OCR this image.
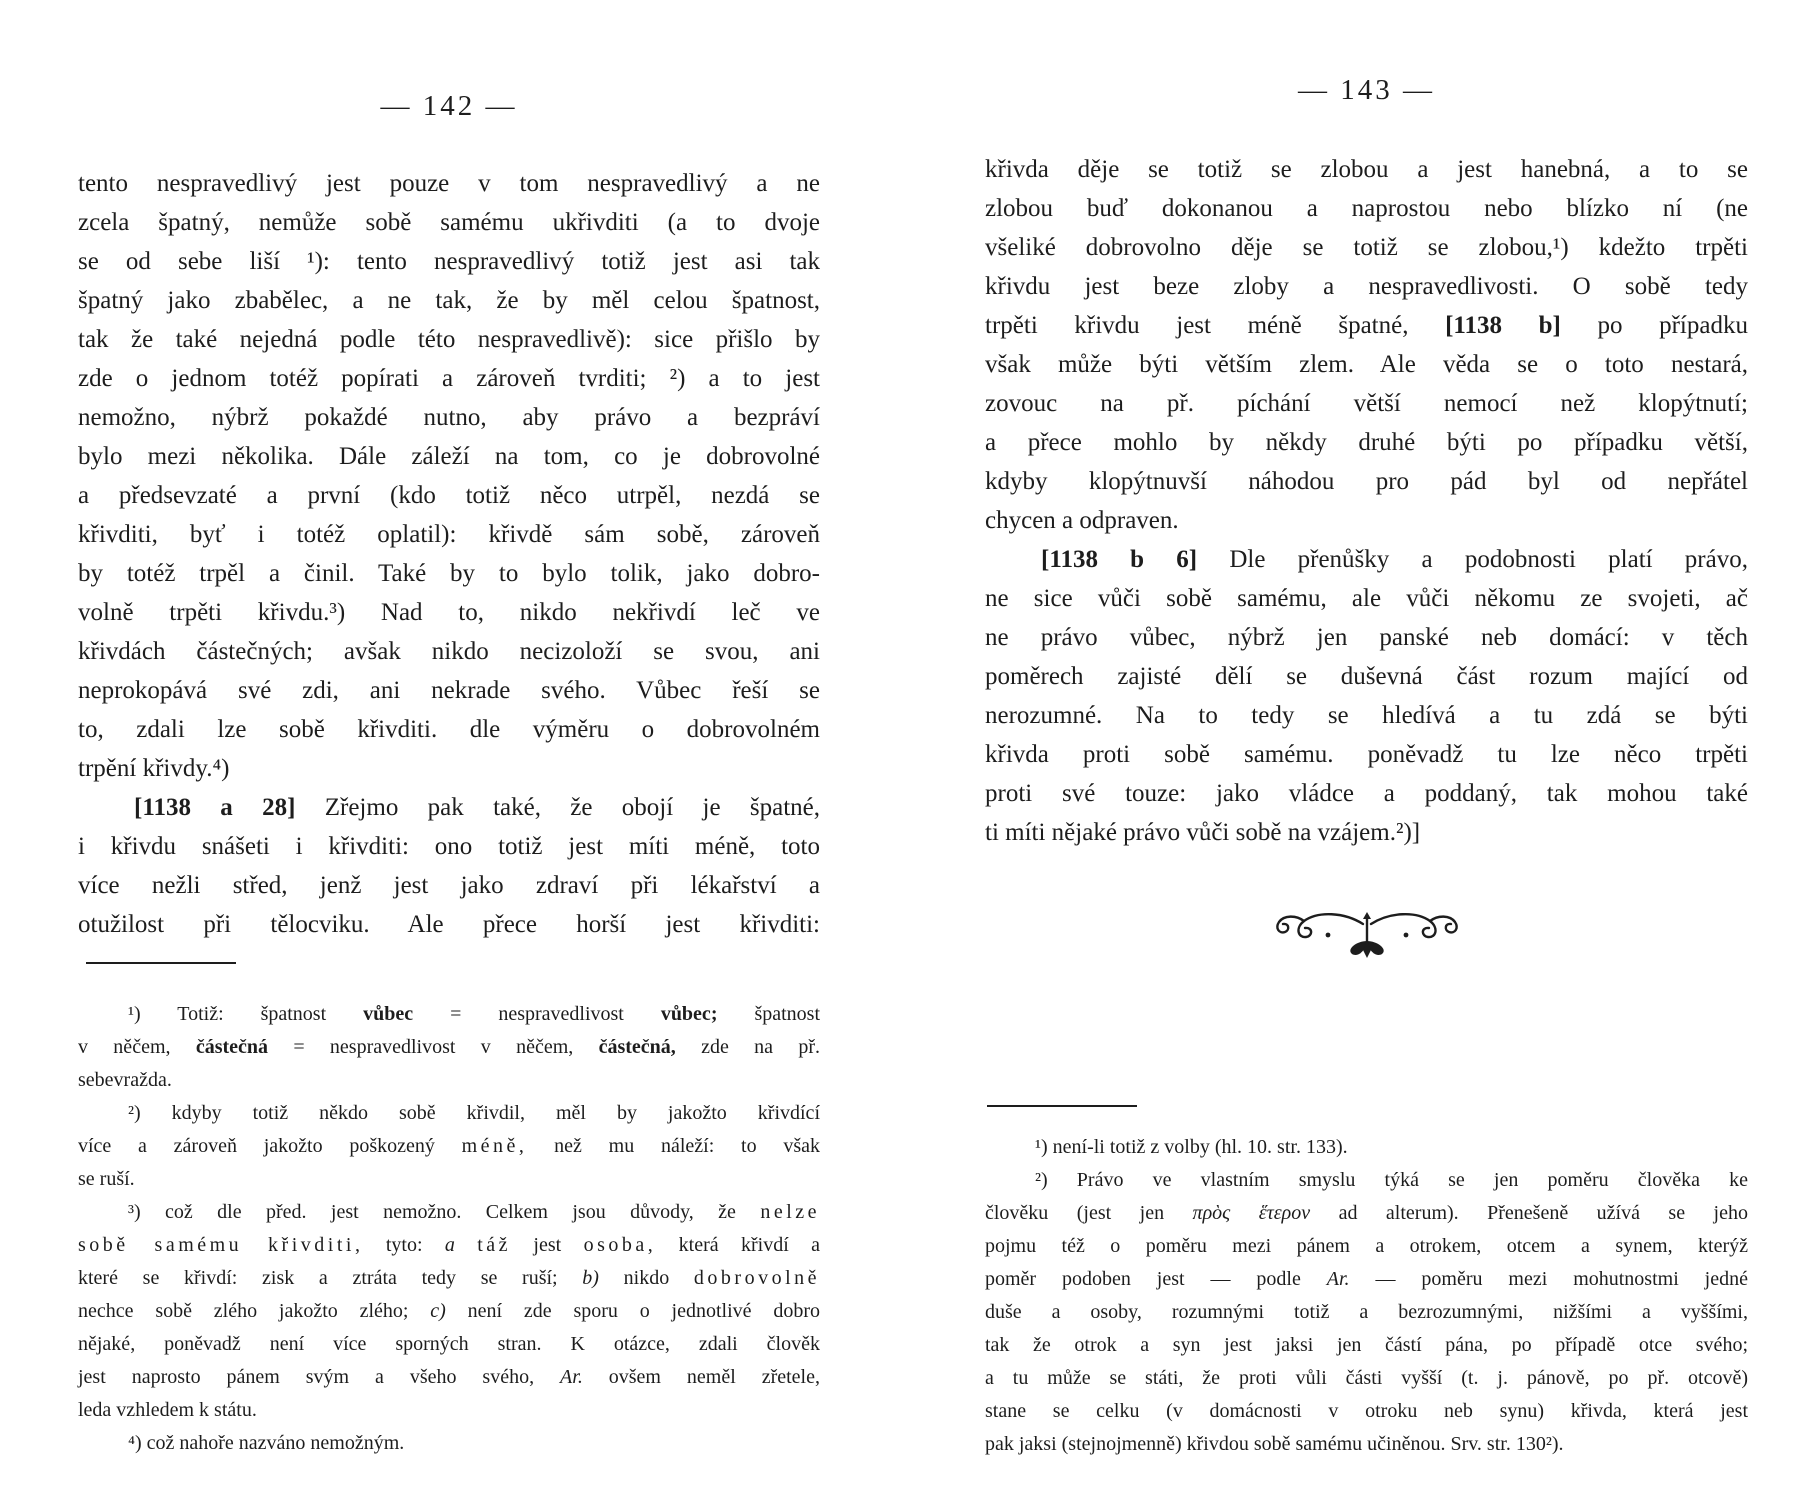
— 142 —
tento nespravedlivý jest pouze v tom nespravedlivý a ne
zcela špatný, nemůže sobě samému ukřivditi (a to dvoje
se od sebe liší ¹): tento nespravedlivý totiž jest asi tak
špatný jako zbabělec, a ne tak, že by měl celou špatnost,
tak že také nejedná podle této nespravedlivě): sice přišlo by
zde o jednom totéž popírati a zároveň tvrditi; ²) a to jest
nemožno, nýbrž pokaždé nutno, aby právo a bezpráví
bylo mezi několika. Dále záleží na tom, co je dobrovolné
a předsevzaté a první (kdo totiž něco utrpěl, nezdá se
křivditi, byť i totéž oplatil): křivdě sám sobě, zároveň
by totéž trpěl a činil. Také by to bylo tolik, jako dobro-
volně trpěti křivdu.³) Nad to, nikdo nekřivdí leč ve
křivdách částečných; avšak nikdo necizoloží se svou, ani
neprokopává své zdi, ani nekrade svého. Vůbec řeší se
to, zdali lze sobě křivditi. dle výměru o dobrovolném
trpění křivdy.⁴)
[1138 a 28] Zřejmo pak také, že obojí je špatné,
i křivdu snášeti i křivditi: ono totiž jest míti méně, toto
více nežli střed, jenž jest jako zdraví při lékařství a
otužilost při tělocviku. Ale přece horší jest křivditi:
¹) Totiž: špatnost vůbec = nespravedlivost vůbec; špatnost
v něčem, částečná = nespravedlivost v něčem, částečná, zde na př.
sebevražda.
²) kdyby totiž někdo sobě křivdil, měl by jakožto křivdící
více a zároveň jakožto poškozený méně, než mu náleží: to však
se ruší.
³) což dle před. jest nemožno. Celkem jsou důvody, že nelze
sobě samému křivditi, tyto: a táž jest osoba, která křivdí a
které se křivdí: zisk a ztráta tedy se ruší; b) nikdo dobrovolně
nechce sobě zlého jakožto zlého; c) není zde sporu o jednotlivé dobro
nějaké, poněvadž není více sporných stran. K otázce, zdali člověk
jest naprosto pánem svým a všeho svého, Ar. ovšem neměl zřetele,
leda vzhledem k státu.
⁴) což nahoře nazváno nemožným.
— 143 —
křivda děje se totiž se zlobou a jest hanebná, a to se
zlobou buď dokonanou a naprostou nebo blízko ní (ne
všeliké dobrovolno děje se totiž se zlobou,¹) kdežto trpěti
křivdu jest beze zloby a nespravedlivosti. O sobě tedy
trpěti křivdu jest méně špatné, [1138 b] po případku
však může býti větším zlem. Ale věda se o toto nestará,
zovouc na př. píchání větší nemocí než klopýtnutí;
a přece mohlo by někdy druhé býti po případku větší,
kdyby klopýtnuvší náhodou pro pád byl od nepřátel
chycen a odpraven.
[1138 b 6] Dle přenůšky a podobnosti platí právo,
ne sice vůči sobě samému, ale vůči někomu ze svojeti, ač
ne právo vůbec, nýbrž jen panské neb domácí: v těch
poměrech zajisté dělí se duševná část rozum mající od
nerozumné. Na to tedy se hledívá a tu zdá se býti
křivda proti sobě samému. poněvadž tu lze něco trpěti
proti své touze: jako vládce a poddaný, tak mohou také
ti míti nějaké právo vůči sobě na vzájem.²)]
¹) není-li totiž z volby (hl. 10. str. 133).
²) Právo ve vlastním smyslu týká se jen poměru člověka ke
člověku (jest jen πρὸς ἕτερον ad alterum). Přenešeně užívá se jeho
pojmu též o poměru mezi pánem a otrokem, otcem a synem, kterýž
poměr podoben jest — podle Ar. — poměru mezi mohutnostmi jedné
duše a osoby, rozumnými totiž a bezrozumnými, nižšími a vyššími,
tak že otrok a syn jest jaksi jen částí pána, po případě otce svého;
a tu může se státi, že proti vůli části vyšší (t. j. pánově, po př. otcově)
stane se celku (v domácnosti v otroku neb synu) křivda, která jest
pak jaksi (stejnojmenně) křivdou sobě samému učiněnou. Srv. str. 130²).
